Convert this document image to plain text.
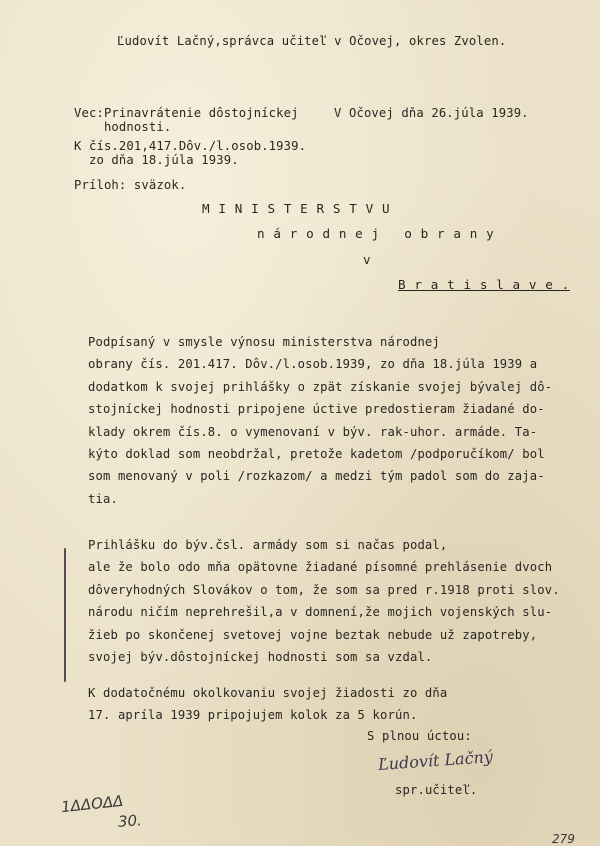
Ľudovít Lačný,správca učiteľ v Očovej, okres Zvolen.
Vec:Prinavrátenie dôstojníckej
hodnosti.
V Očovej dňa 26.júla 1939.
K čís.201,417.Dôv./l.osob.1939.
zo dňa 18.júla 1939.
Príloh: sväzok.
M I N I S T E R S T V U
n á r o d n e j   o b r a n y
v
B r a t i s l a v e .
Podpísaný v smysle výnosu ministerstva národnej
obrany čís. 201.417. Dôv./l.osob.1939, zo dňa 18.júla 1939 a
dodatkom k svojej prihlášky o zpät získanie svojej bývalej dô-
stojníckej hodnosti pripojene úctive predostieram žiadané do-
klady okrem čís.8. o vymenovaní v býv. rak-uhor. armáde. Ta-
kýto doklad som neobdržal, pretože kadetom /podporučíkom/ bol
som menovaný v poli /rozkazom/ a medzi tým padol som do zaja-
tia.
Prihlášku do býv.čsl. armády som si načas podal,
ale že bolo odo mňa opätovne žiadané písomné prehlásenie dvoch
dôveryhodných Slovákov o tom, že som sa pred r.1918 proti slov.
národu ničím neprehrešil,a v domnení,že mojich vojenských slu-
žieb po skončenej svetovej vojne beztak nebude už zapotreby,
svojej býv.dôstojníckej hodnosti som sa vzdal.
K dodatočnému okolkovaniu svojej žiadosti zo dňa
17. apríla 1939 pripojujem kolok za 5 korún.
S plnou úctou:
Ľudovít Lačný
spr.učiteľ.
1ΔΔΟΔΔ
30.
279
